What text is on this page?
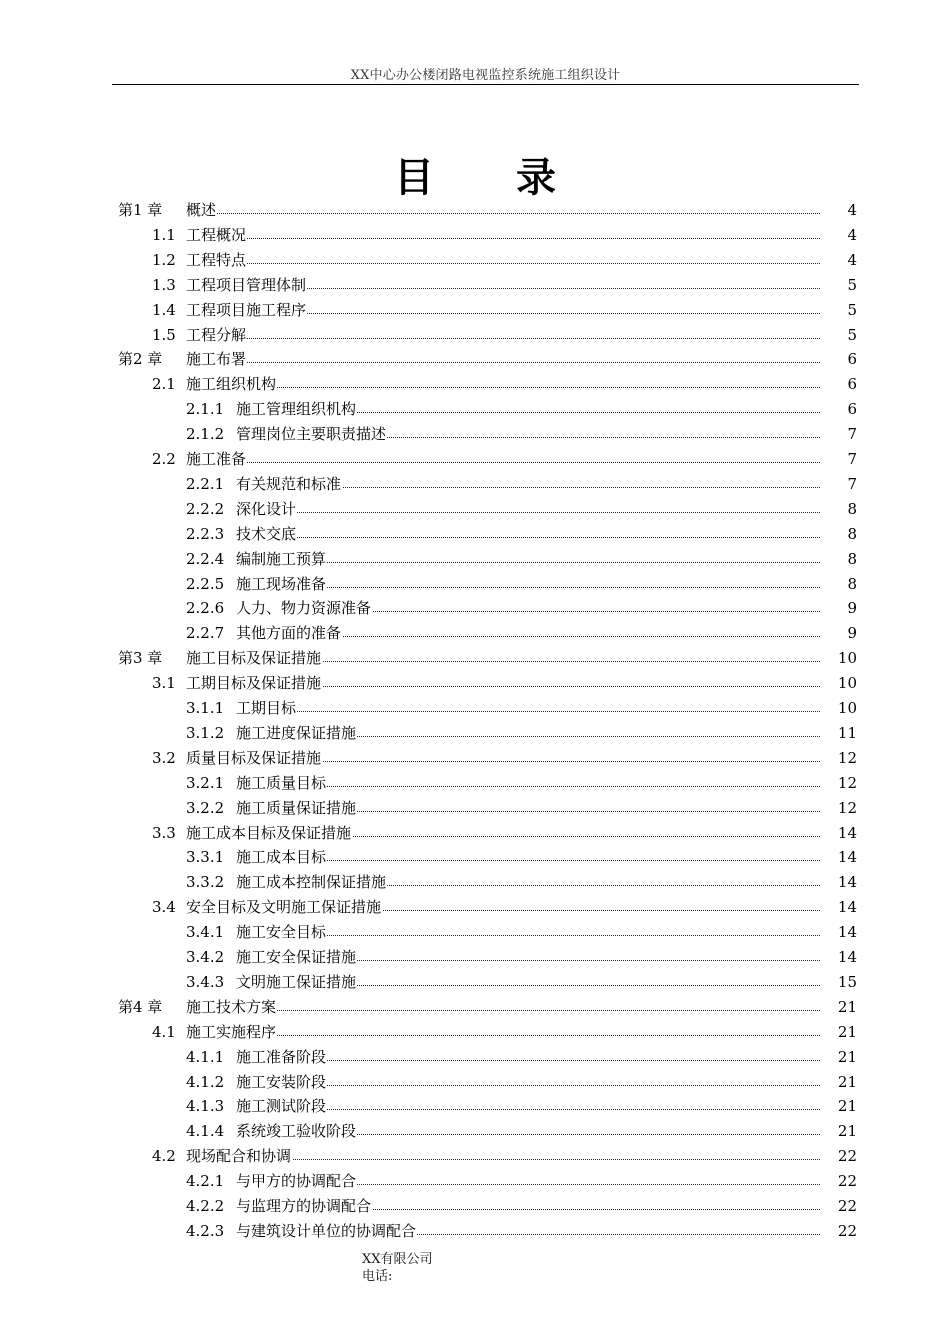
XX中心办公楼闭路电视监控系统施工组织设计
目 录
第1 章 概述	4
1.1 工程概况	4
1.2 工程特点	4
1.3 工程项目管理体制	5
1.4 工程项目施工程序	5
1.5 工程分解	5
第2 章 施工布署	6
2.1 施工组织机构	6
2.1.1 施工管理组织机构	6
2.1.2 管理岗位主要职责描述	7
2.2 施工准备	7
2.2.1 有关规范和标准	7
2.2.2 深化设计	8
2.2.3 技术交底	8
2.2.4 编制施工预算	8
2.2.5 施工现场准备	8
2.2.6 人力、物力资源准备	9
2.2.7 其他方面的准备	9
第3 章 施工目标及保证措施	10
3.1 工期目标及保证措施	10
3.1.1 工期目标	10
3.1.2 施工进度保证措施	11
3.2 质量目标及保证措施	12
3.2.1 施工质量目标	12
3.2.2 施工质量保证措施	12
3.3 施工成本目标及保证措施	14
3.3.1 施工成本目标	14
3.3.2 施工成本控制保证措施	14
3.4 安全目标及文明施工保证措施	14
3.4.1 施工安全目标	14
3.4.2 施工安全保证措施	14
3.4.3 文明施工保证措施	15
第4 章 施工技术方案	21
4.1 施工实施程序	21
4.1.1 施工准备阶段	21
4.1.2 施工安装阶段	21
4.1.3 施工测试阶段	21
4.1.4 系统竣工验收阶段	21
4.2 现场配合和协调	22
4.2.1 与甲方的协调配合	22
4.2.2 与监理方的协调配合	22
4.2.3 与建筑设计单位的协调配合	22
XX有限公司
电话:
